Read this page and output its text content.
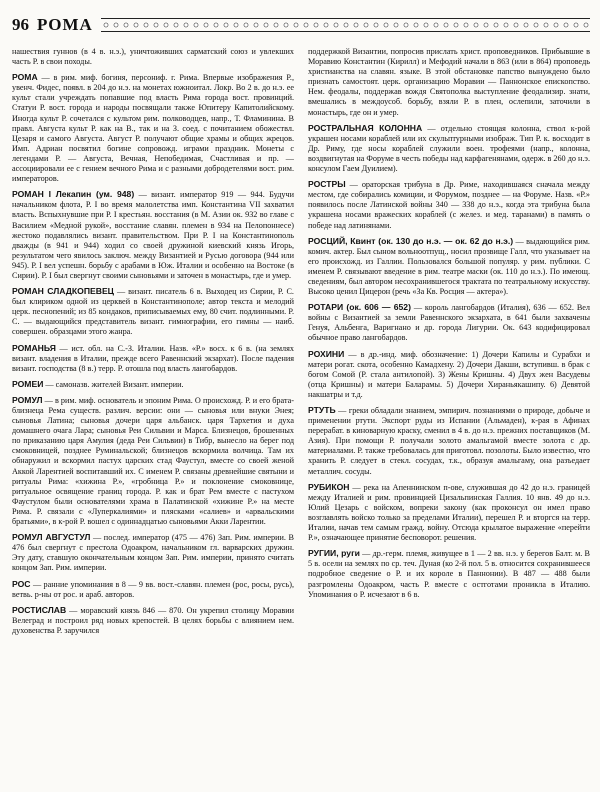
96 РОМА

нашествия гуннов (в 4 в. н.э.), уничтоживших сарматский союз и увлекших часть Р. в свои походы.

РОМА — в рим. миф. богиня, персониф. г. Рима. Впервые изображения Р., увенч. Фидес, появл. в 204 до н.э. на монетах южноитал. Локр. Во 2 в. до н.э. ее культ стали учреждать попавшие под власть Рима города вост. провинций. Статуи Р. вост. города и народы посвящали также Юпитеру Капитолийскому. Иногда культ Р. сочетался с культом рим. полководцев, напр., Т. Фламинина. В правл. Августа культ Р. как на В., так и на З. соед. с почитанием обожествл. Цезаря и самого Августа. Август Р. получают общие храмы и общих жрецов. Имп. Адриан посвятил богине сопровожд. играми праздник. Монеты с легендами Р. — Августа, Вечная, Непобедимая, Счастливая и пр. — ассоциировали ее с гением вечного Рима и с разными добродетелями вост. рим. императоров.

РОМАН I Лекапин (ум. 948) — визант. император 919 — 944. Будучи начальником флота, Р. I во время малолетства имп. Константина VII захватил власть. Вспыхнувшие при Р. I крестьян. восстания (в М. Азии ок. 932 во главе с Василием «Медной рукой», восстание славян. племен в 934 на Пелопоннесе) жестоко подавлялись визант. правительством. При Р. I на Константинополь дважды (в 941 и 944) ходил со своей дружиной киевский князь Игорь, результатом чего явилось заключ. между Византией и Русью договора (944 или 945). Р. I вел успешн. борьбу с арабами в Юж. Италии и особенно на Востоке (в Сирии). Р. I был свергнут своими сыновьями и заточен в монастырь, где и умер.

РОМАН СЛАДКОПЕВЕЦ — визант. писатель 6 в. Выходец из Сирии, Р. С. был клириком одной из церквей в Константинополе; автор текста и мелодий церк. песнопений; из 85 кондаков, приписываемых ему, 80 счит. подлинными. Р. С. — выдающийся представитель визант. гимнографии, его гимны — наиб. совершен. образцами этого жанра.

РОМАНЬЯ — ист. обл. на С.-З. Италии. Назв. «Р.» восх. к 6 в. (на землях визант. владения в Италии, прежде всего Равеннский экзархат). После падения визант. господства (8 в.) терр. Р. отошла под власть лангобардов.

РОМЕИ — самоназв. жителей Визант. империи.

РОМУЛ — в рим. миф. основатель и эпоним Рима. О происхожд. Р. и его брата-близнеца Рема существ. различ. версии: они — сыновья или внуки Энея; сыновья Латина; сыновья дочери царя альбанск. царя Тархетия и духа домашнего очага Лара; сыновья Реи Сильвии и Марса. Близнецов, брошенных по приказанию царя Амулия (деда Реи Сильвии) в Тибр, вынесло на берег под смоковницей, позднее Руминальской; близнецов вскормила волчица. Там их обнаружил и вскормил пастух царских стад Фаустул, вместе со своей женой Аккой Ларентией воспитавший их. С именем Р. связаны древнейшие святыни и ритуалы Рима: «хижина Р.», «гробница Р.» и поклонение смоковнице, ритуальное освящение границ города. Р. как и брат Рем вместе с пастухом Фаустулом были основателями храма в Палатинской «хижине Р.» на месте Рима. Р. связали с «Луперкалиями» и плясками «салиев» и «арвальскими братьями», в к-рой Р. вошел с одиннадцатью сыновьями Акки Ларентии.

РОМУЛ АВГУСТУЛ — послед. император (475 — 476) Зап. Рим. империи. В 476 был свергнут с престола Одоакром, начальником гл. варварских дружин. Эту дату, ставшую окончательным концом Зап. Рим. империи, принято считать концом Зап. Рим. империи.

РОС — ранние упоминания в 8 — 9 вв. вост.-славян. племен (рос, росы, русь), ветвь. р-ны от рос. и араб. авторов.

РОСТИСЛАВ — моравский князь 846 — 870. Он укрепил столицу Моравии Велеград и построил ряд новых крепостей. В целях борьбы с влиянием нем. духовенства Р. заручился

поддержкой Византии, попросив прислать христ. проповедников. Прибывшие в Моравию Константин (Кирилл) и Мефодий начали в 863 (или в 864) проповедь христианства на славян. языке. В этой обстановке папство вынуждено было признать самостоят. церк. организацию Моравии — Паннонское епископство. Нем. феодалы, поддержав вождя Святополка выступление феодализир. знати, вмешались в междоусоб. борьбу, взяли Р. в плен, ослепили, заточили в монастырь, где он и умер.

РОСТРАЛЬНАЯ КОЛОННА — отдельно стоящая колонна, ствол к-рой украшен носами кораблей или их скульптурными изображ. Тип Р. к. восходит в Др. Риму, где носы кораблей служили воен. трофеями (напр., колонна, воздвигнутая на Форуме в честь победы над карфагенянами, одерж. в 260 до н.э. консулом Гаем Дуилием).

РОСТРЫ — ораторская трибуна в Др. Риме, находившаяся сначала между местом, где собирались комиции, и Форумом, позднее — на Форуме. Назв. «Р.» появилось после Латинской войны 340 — 338 до н.э., когда эта трибуна была украшена носами вражеских кораблей (с желез. и мед. таранами) в память о победе над латинянами.

РОСЦИЙ, Квинт (ок. 130 до н.э. — ок. 62 до н.э.) — выдающийся рим. комич. актер. Был сыном вольноотпущ., носил прозвище Галл, что указывает на его происхожд. из Галлии. Пользовался большой популяр. у рим. публики. С именем Р. связывают введение в рим. театре маски (ок. 110 до н.э.). По имеющ. сведениям, был автором несохранившегося трактата по театральному искусству. Высоко ценил Цицерон (речь «За Кв. Росция — актера»).

РОТАРИ (ок. 606 — 652) — король лангобардов (Италия), 636 — 652. Вел войны с Византией за земли Равеннского экзархата, в 641 были захвачены Генуя, Альбенга, Варигнано и др. города Лигурии. Ок. 643 кодифицировал обычное право лангобардов.

РОХИНИ — в др.-инд. миф. обозначение: 1) Дочери Капилы и Сурабхи и матери рогат. скота, особенно Камадхену. 2) Дочери Дакши, вступивш. в брак с богом Сомой (Р. стала антилопой). 3) Жены Кришны. 4) Двух жен Васудевы (отца Кришны) и матери Баларамы. 5) Дочери Хираньякашипу. 6) Девятой накшатры и т.д.

РТУТЬ — греки обладали знанием, эмпирич. познаниями о природе, добыче и применении ртути. Экспорт руды из Испании (Альмаден), к-рая в Афинах перерабат. в киноварную краску, сменил в 4 в. до н.э. прежних поставщиков (М. Азия). При помощи Р. получали золото амальгамой вместе золота с др. материалами. Р. также требовалась для приготовл. позолоты. Было известно, что хранить Р. следует в стекл. сосудах, т.к., образуя амальгаму, она разъедает металлич. сосуды.

РУБИКОН — река на Апеннинском п-ове, служившая до 42 до н.э. границей между Италией и рим. провинцией Цизальпинская Галлия. 10 янв. 49 до н.э. Юлий Цезарь с войском, вопреки закону (как проконсул он имел право возглавлять войско только за пределами Италии), перешел Р. и вторгся на терр. Италии, начав тем самым гражд. войну. Отсюда крылатое выражение «перейти Р.», означающее принятие бесповорот. решения.

РУГИИ, руги — др.-герм. племя, живущее в 1 — 2 вв. н.э. у берегов Балт. м. В 5 в. осели на землях по ср. теч. Дуная (ко 2-й пол. 5 в. относится сохранившееся подробное сведение о Р. и их короле в Паннонии). В 487 — 488 были разгромлены Одоакром, часть Р. вместе с остготами проникла в Италию. Упоминания о Р. исчезают в 6 в.
